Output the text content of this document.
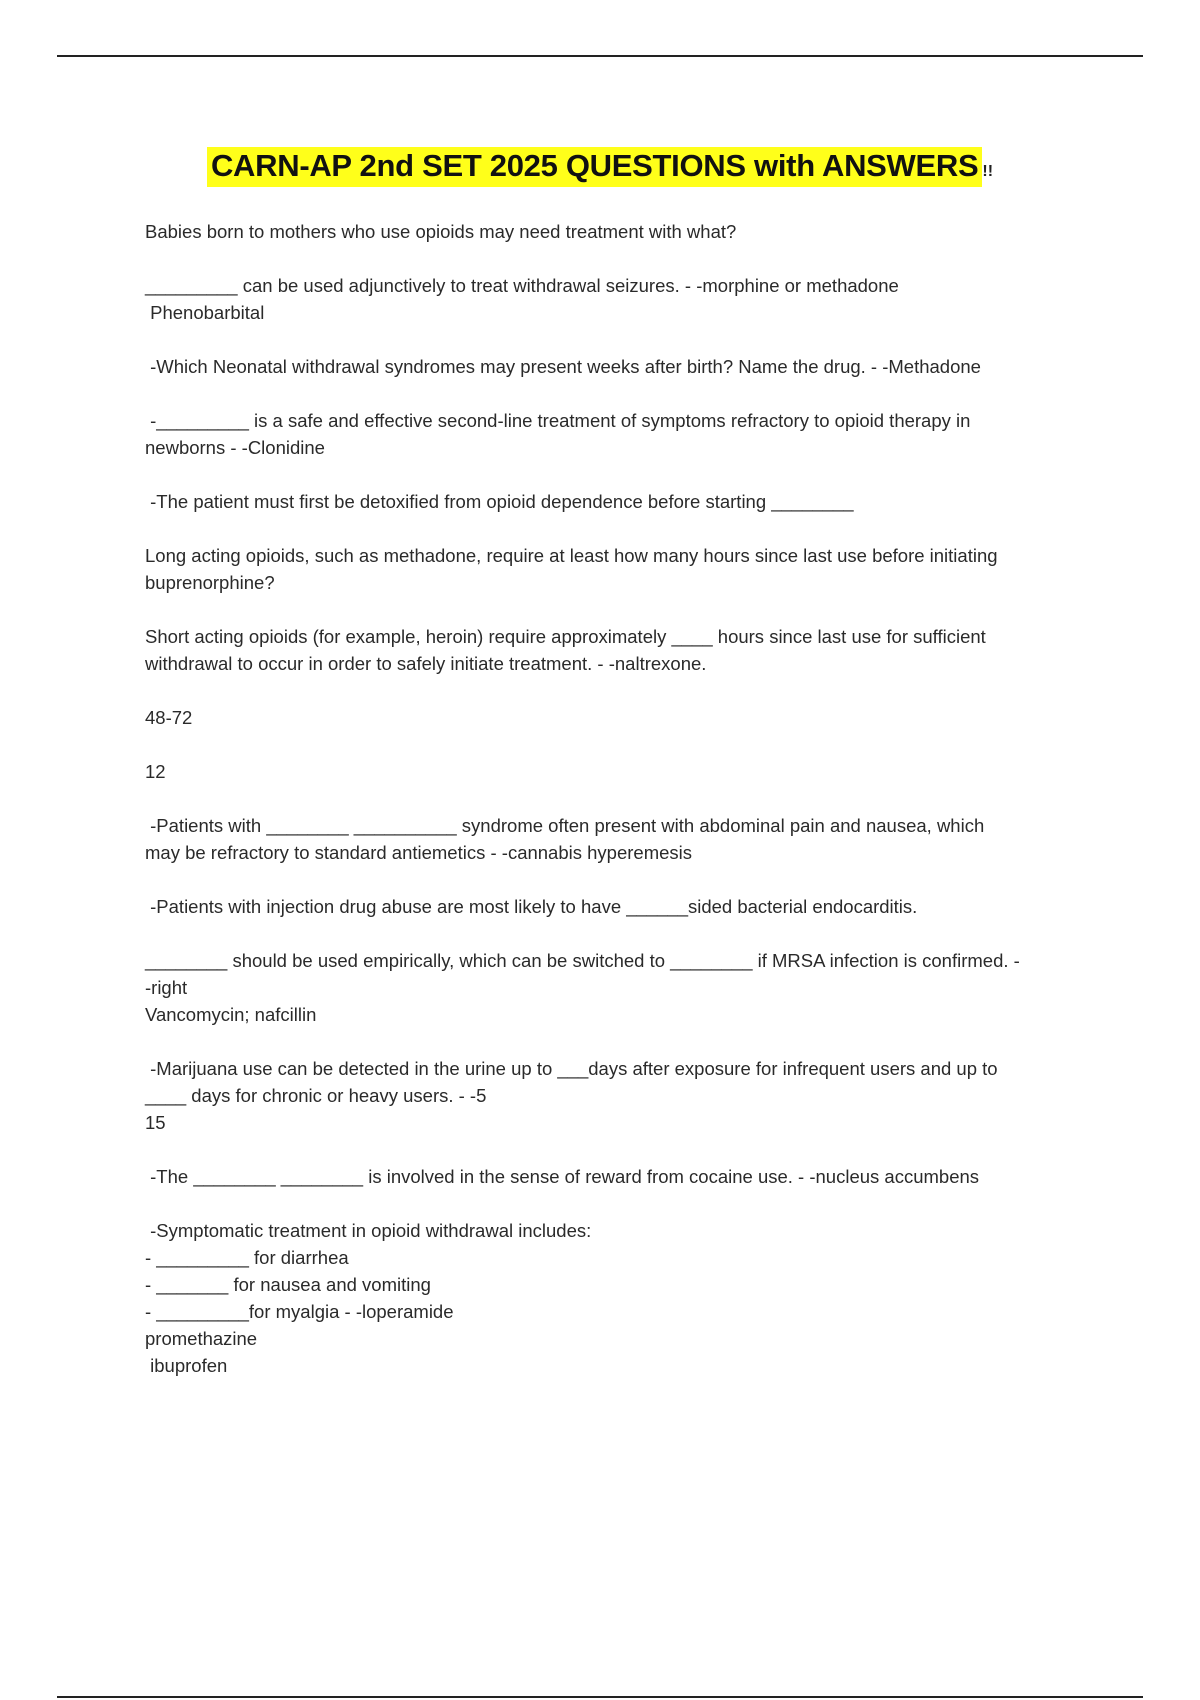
CARN-AP 2nd SET 2025 QUESTIONS with ANSWERS !!
Babies born to mothers who use opioids may need treatment with what?
_________ can be used adjunctively to treat withdrawal seizures. - -morphine or methadone
Phenobarbital
-Which Neonatal withdrawal syndromes may present weeks after birth? Name the drug. - -Methadone
-_________ is a safe and effective second-line treatment of symptoms refractory to opioid therapy in
newborns - -Clonidine
-The patient must first be detoxified from opioid dependence before starting ________
Long acting opioids, such as methadone, require at least how many hours since last use before initiating
buprenorphine?
Short acting opioids (for example, heroin) require approximately ____ hours since last use for sufficient
withdrawal to occur in order to safely initiate treatment. - -naltrexone.
48-72
12
-Patients with ________ __________ syndrome often present with abdominal pain and nausea, which
may be refractory to standard antiemetics - -cannabis hyperemesis
-Patients with injection drug abuse are most likely to have ______sided bacterial endocarditis.
________ should be used empirically, which can be switched to ________ if MRSA infection is confirmed. -
-right
Vancomycin; nafcillin
-Marijuana use can be detected in the urine up to ___days after exposure for infrequent users and up to
____ days for chronic or heavy users. - -5
15
-The ________ ________ is involved in the sense of reward from cocaine use. - -nucleus accumbens
-Symptomatic treatment in opioid withdrawal includes:
- _________ for diarrhea
- _______ for nausea and vomiting
- _________for myalgia - -loperamide
promethazine
ibuprofen
